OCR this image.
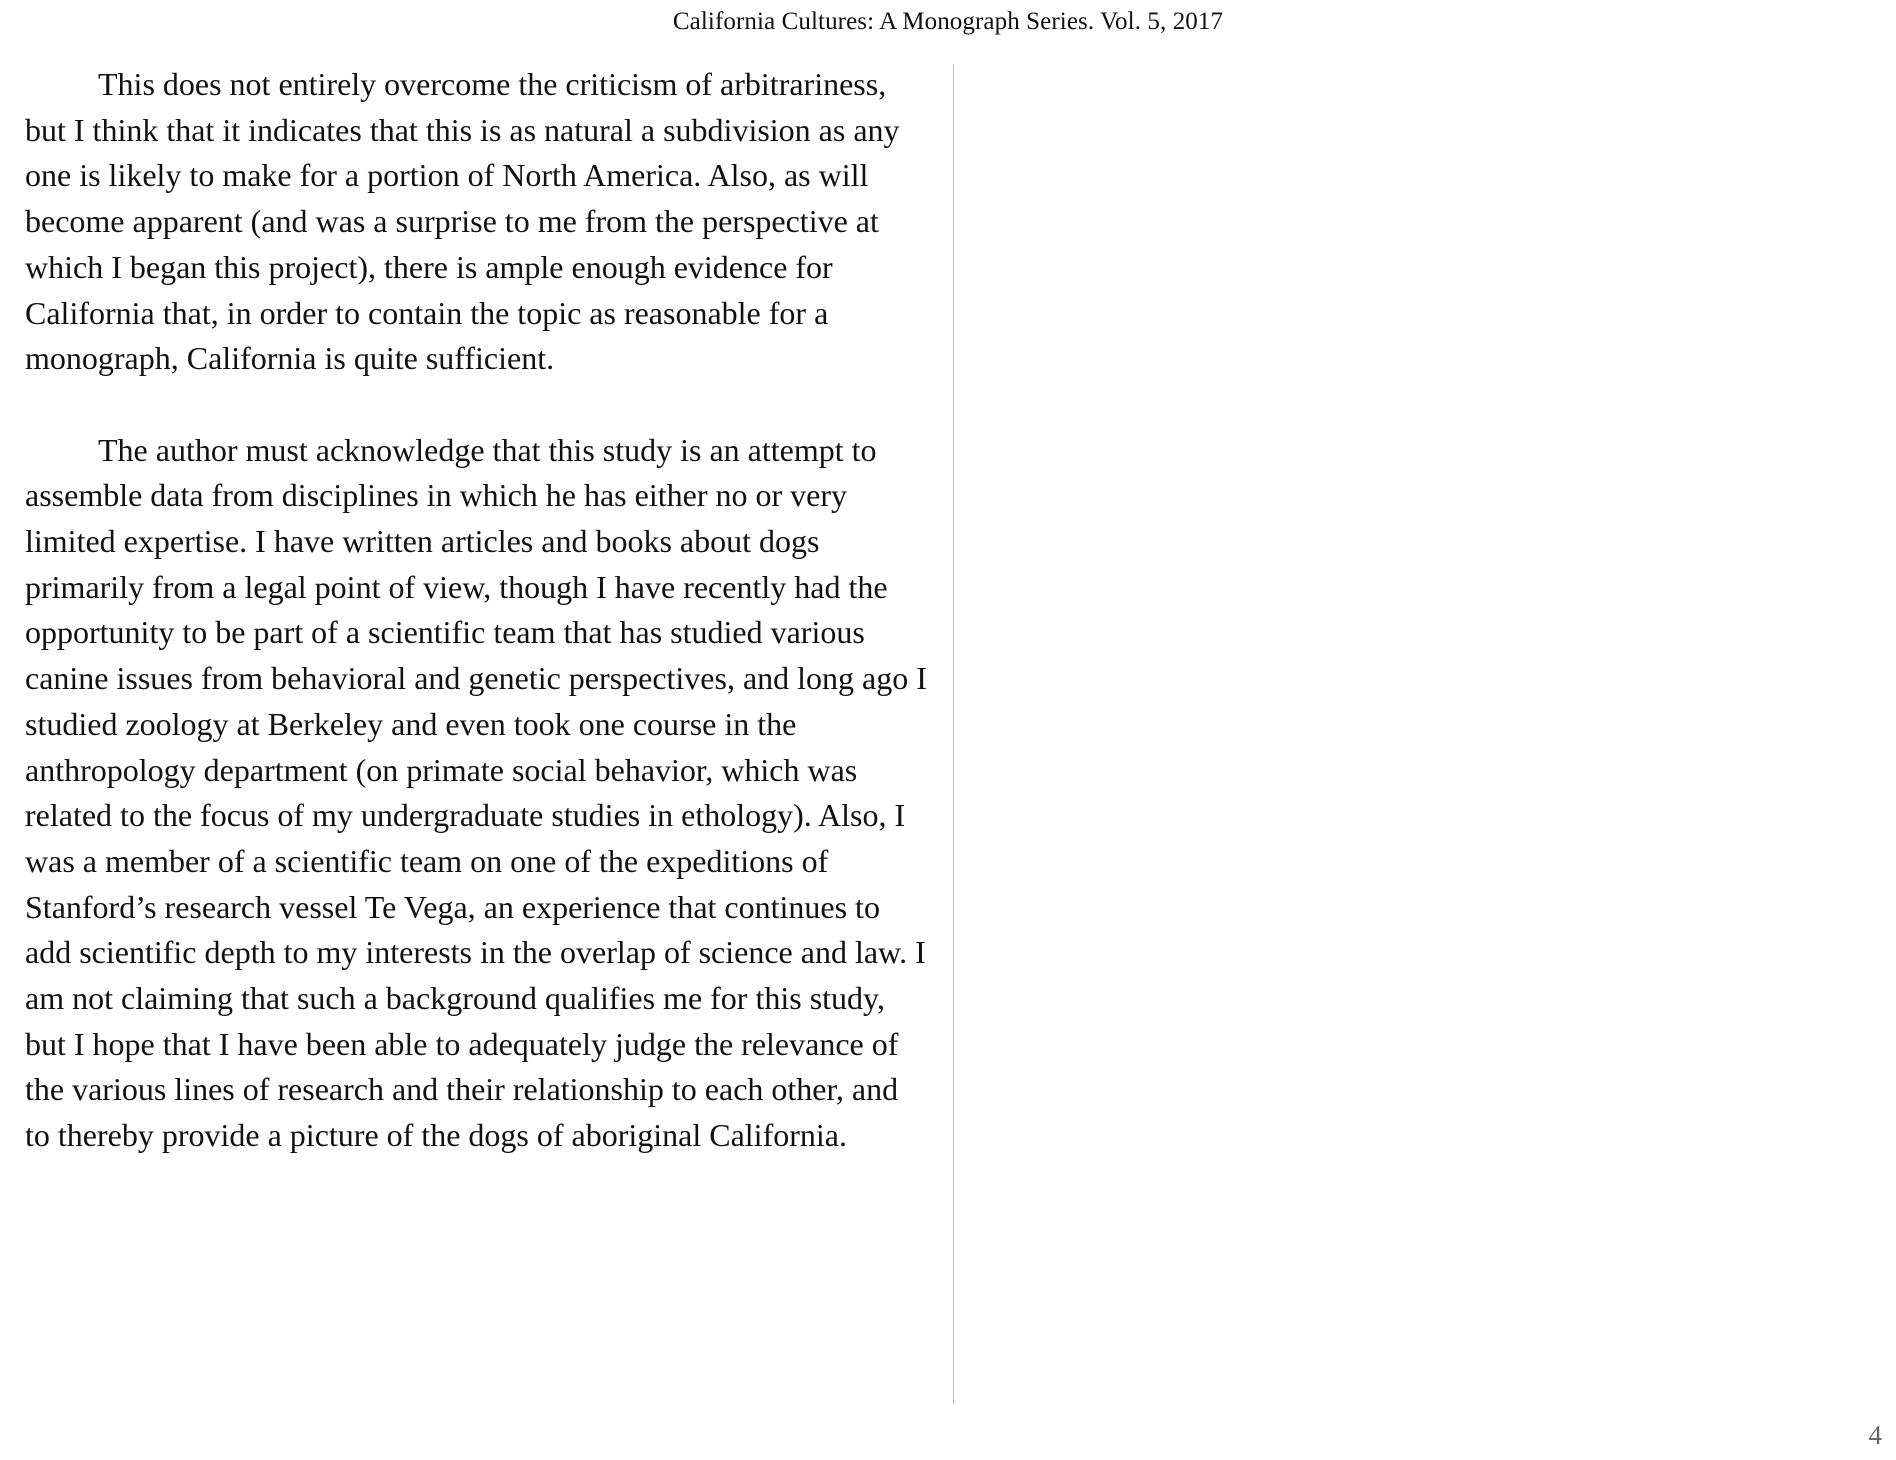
California Cultures: A Monograph Series. Vol. 5, 2017

This does not entirely overcome the criticism of arbitrariness, but I think that it indicates that this is as natural a subdivision as any one is likely to make for a portion of North America. Also, as will become apparent (and was a surprise to me from the perspective at which I began this project), there is ample enough evidence for California that, in order to contain the topic as reasonable for a monograph, California is quite sufficient.

The author must acknowledge that this study is an attempt to assemble data from disciplines in which he has either no or very limited expertise. I have written articles and books about dogs primarily from a legal point of view, though I have recently had the opportunity to be part of a scientific team that has studied various canine issues from behavioral and genetic perspectives, and long ago I studied zoology at Berkeley and even took one course in the anthropology department (on primate social behavior, which was related to the focus of my undergraduate studies in ethology). Also, I was a member of a scientific team on one of the expeditions of Stanford’s research vessel Te Vega, an experience that continues to add scientific depth to my interests in the overlap of science and law. I am not claiming that such a background qualifies me for this study, but I hope that I have been able to adequately judge the relevance of the various lines of research and their relationship to each other, and to thereby provide a picture of the dogs of aboriginal California.

4
